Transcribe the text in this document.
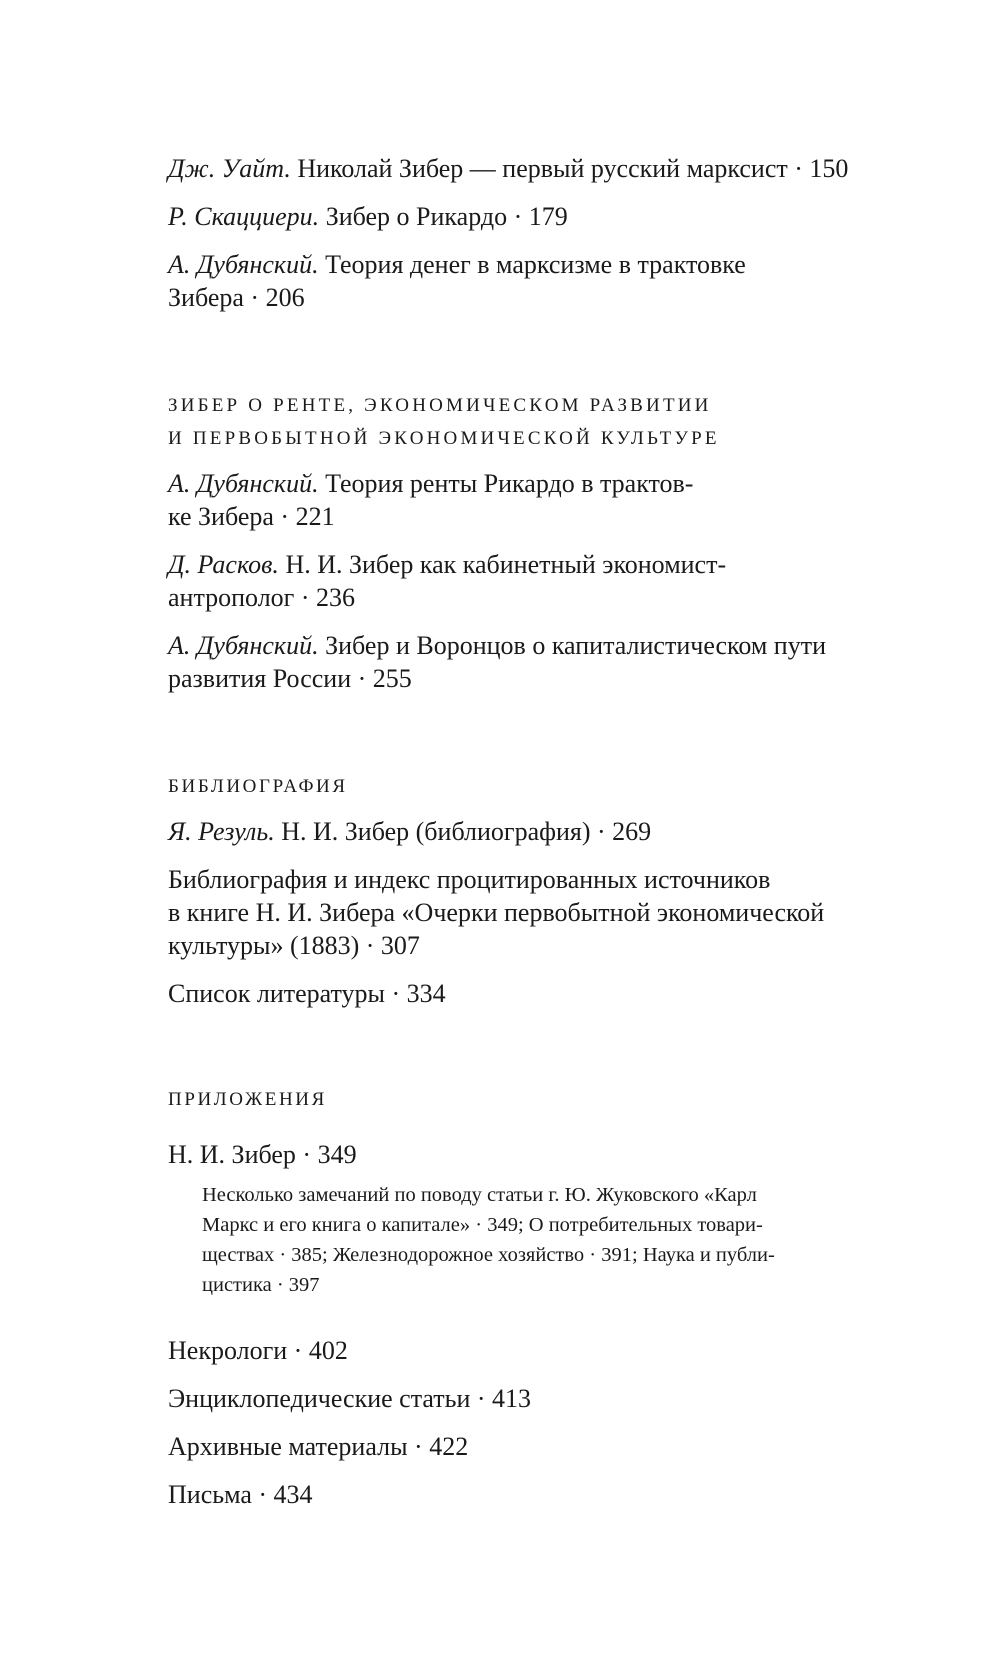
Дж. Уайт. Николай Зибер — первый русский марксист · 150
Р. Скацциери. Зибер о Рикардо · 179
А. Дубянский. Теория денег в марксизме в трактовке
Зибера · 206
ЗИБЕР О РЕНТЕ, ЭКОНОМИЧЕСКОМ РАЗВИТИИ
И ПЕРВОБЫТНОЙ ЭКОНОМИЧЕСКОЙ КУЛЬТУРЕ
А. Дубянский. Теория ренты Рикардо в трактов-
ке Зибера · 221
Д. Расков. Н. И. Зибер как кабинетный экономист-
антрополог · 236
А. Дубянский. Зибер и Воронцов о капиталистическом пути
развития России · 255
БИБЛИОГРАФИЯ
Я. Резуль. Н. И. Зибер (библиография) · 269
Библиография и индекс процитированных источников
в книге Н. И. Зибера «Очерки первобытной экономической
культуры» (1883) · 307
Список литературы · 334
ПРИЛОЖЕНИЯ
Н. И. Зибер · 349
Несколько замечаний по поводу статьи г. Ю. Жуковского «Карл
Маркс и его книга о капитале» · 349; О потребительных товари-
ществах · 385; Железнодорожное хозяйство · 391; Наука и публи-
цистика · 397
Некрологи · 402
Энциклопедические статьи · 413
Архивные материалы · 422
Письма · 434
